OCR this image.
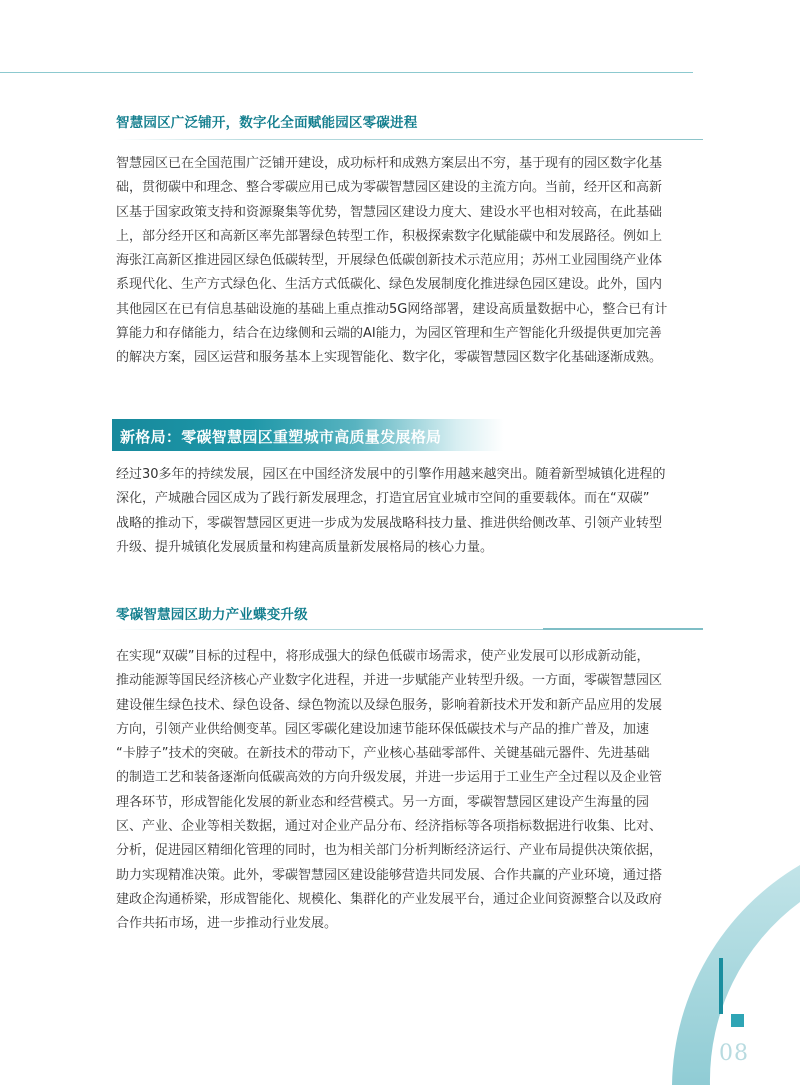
智慧园区广泛铺开，数字化全面赋能园区零碳进程

智慧园区已在全国范围广泛铺开建设，成功标杆和成熟方案层出不穷，基于现有的园区数字化基
础，贯彻碳中和理念、整合零碳应用已成为零碳智慧园区建设的主流方向。当前，经开区和高新
区基于国家政策支持和资源聚集等优势，智慧园区建设力度大、建设水平也相对较高，在此基础
上，部分经开区和高新区率先部署绿色转型工作，积极探索数字化赋能碳中和发展路径。例如上
海张江高新区推进园区绿色低碳转型，开展绿色低碳创新技术示范应用；苏州工业园围绕产业体
系现代化、生产方式绿色化、生活方式低碳化、绿色发展制度化推进绿色园区建设。此外，国内
其他园区在已有信息基础设施的基础上重点推动5G网络部署，建设高质量数据中心，整合已有计
算能力和存储能力，结合在边缘侧和云端的AI能力，为园区管理和生产智能化升级提供更加完善
的解决方案，园区运营和服务基本上实现智能化、数字化，零碳智慧园区数字化基础逐渐成熟。

新格局：零碳智慧园区重塑城市高质量发展格局

经过30多年的持续发展，园区在中国经济发展中的引擎作用越来越突出。随着新型城镇化进程的
深化，产城融合园区成为了践行新发展理念，打造宜居宜业城市空间的重要载体。而在“双碳”
战略的推动下，零碳智慧园区更进一步成为发展战略科技力量、推进供给侧改革、引领产业转型
升级、提升城镇化发展质量和构建高质量新发展格局的核心力量。

零碳智慧园区助力产业蝶变升级

在实现“双碳”目标的过程中，将形成强大的绿色低碳市场需求，使产业发展可以形成新动能，
推动能源等国民经济核心产业数字化进程，并进一步赋能产业转型升级。一方面，零碳智慧园区
建设催生绿色技术、绿色设备、绿色物流以及绿色服务，影响着新技术开发和新产品应用的发展
方向，引领产业供给侧变革。园区零碳化建设加速节能环保低碳技术与产品的推广普及，加速
“卡脖子”技术的突破。在新技术的带动下，产业核心基础零部件、关键基础元器件、先进基础
的制造工艺和装备逐渐向低碳高效的方向升级发展，并进一步运用于工业生产全过程以及企业管
理各环节，形成智能化发展的新业态和经营模式。另一方面，零碳智慧园区建设产生海量的园
区、产业、企业等相关数据，通过对企业产品分布、经济指标等各项指标数据进行收集、比对、
分析，促进园区精细化管理的同时，也为相关部门分析判断经济运行、产业布局提供决策依据，
助力实现精准决策。此外，零碳智慧园区建设能够营造共同发展、合作共赢的产业环境，通过搭
建政企沟通桥梁，形成智能化、规模化、集群化的产业发展平台，通过企业间资源整合以及政府
合作共拓市场，进一步推动行业发展。

08
